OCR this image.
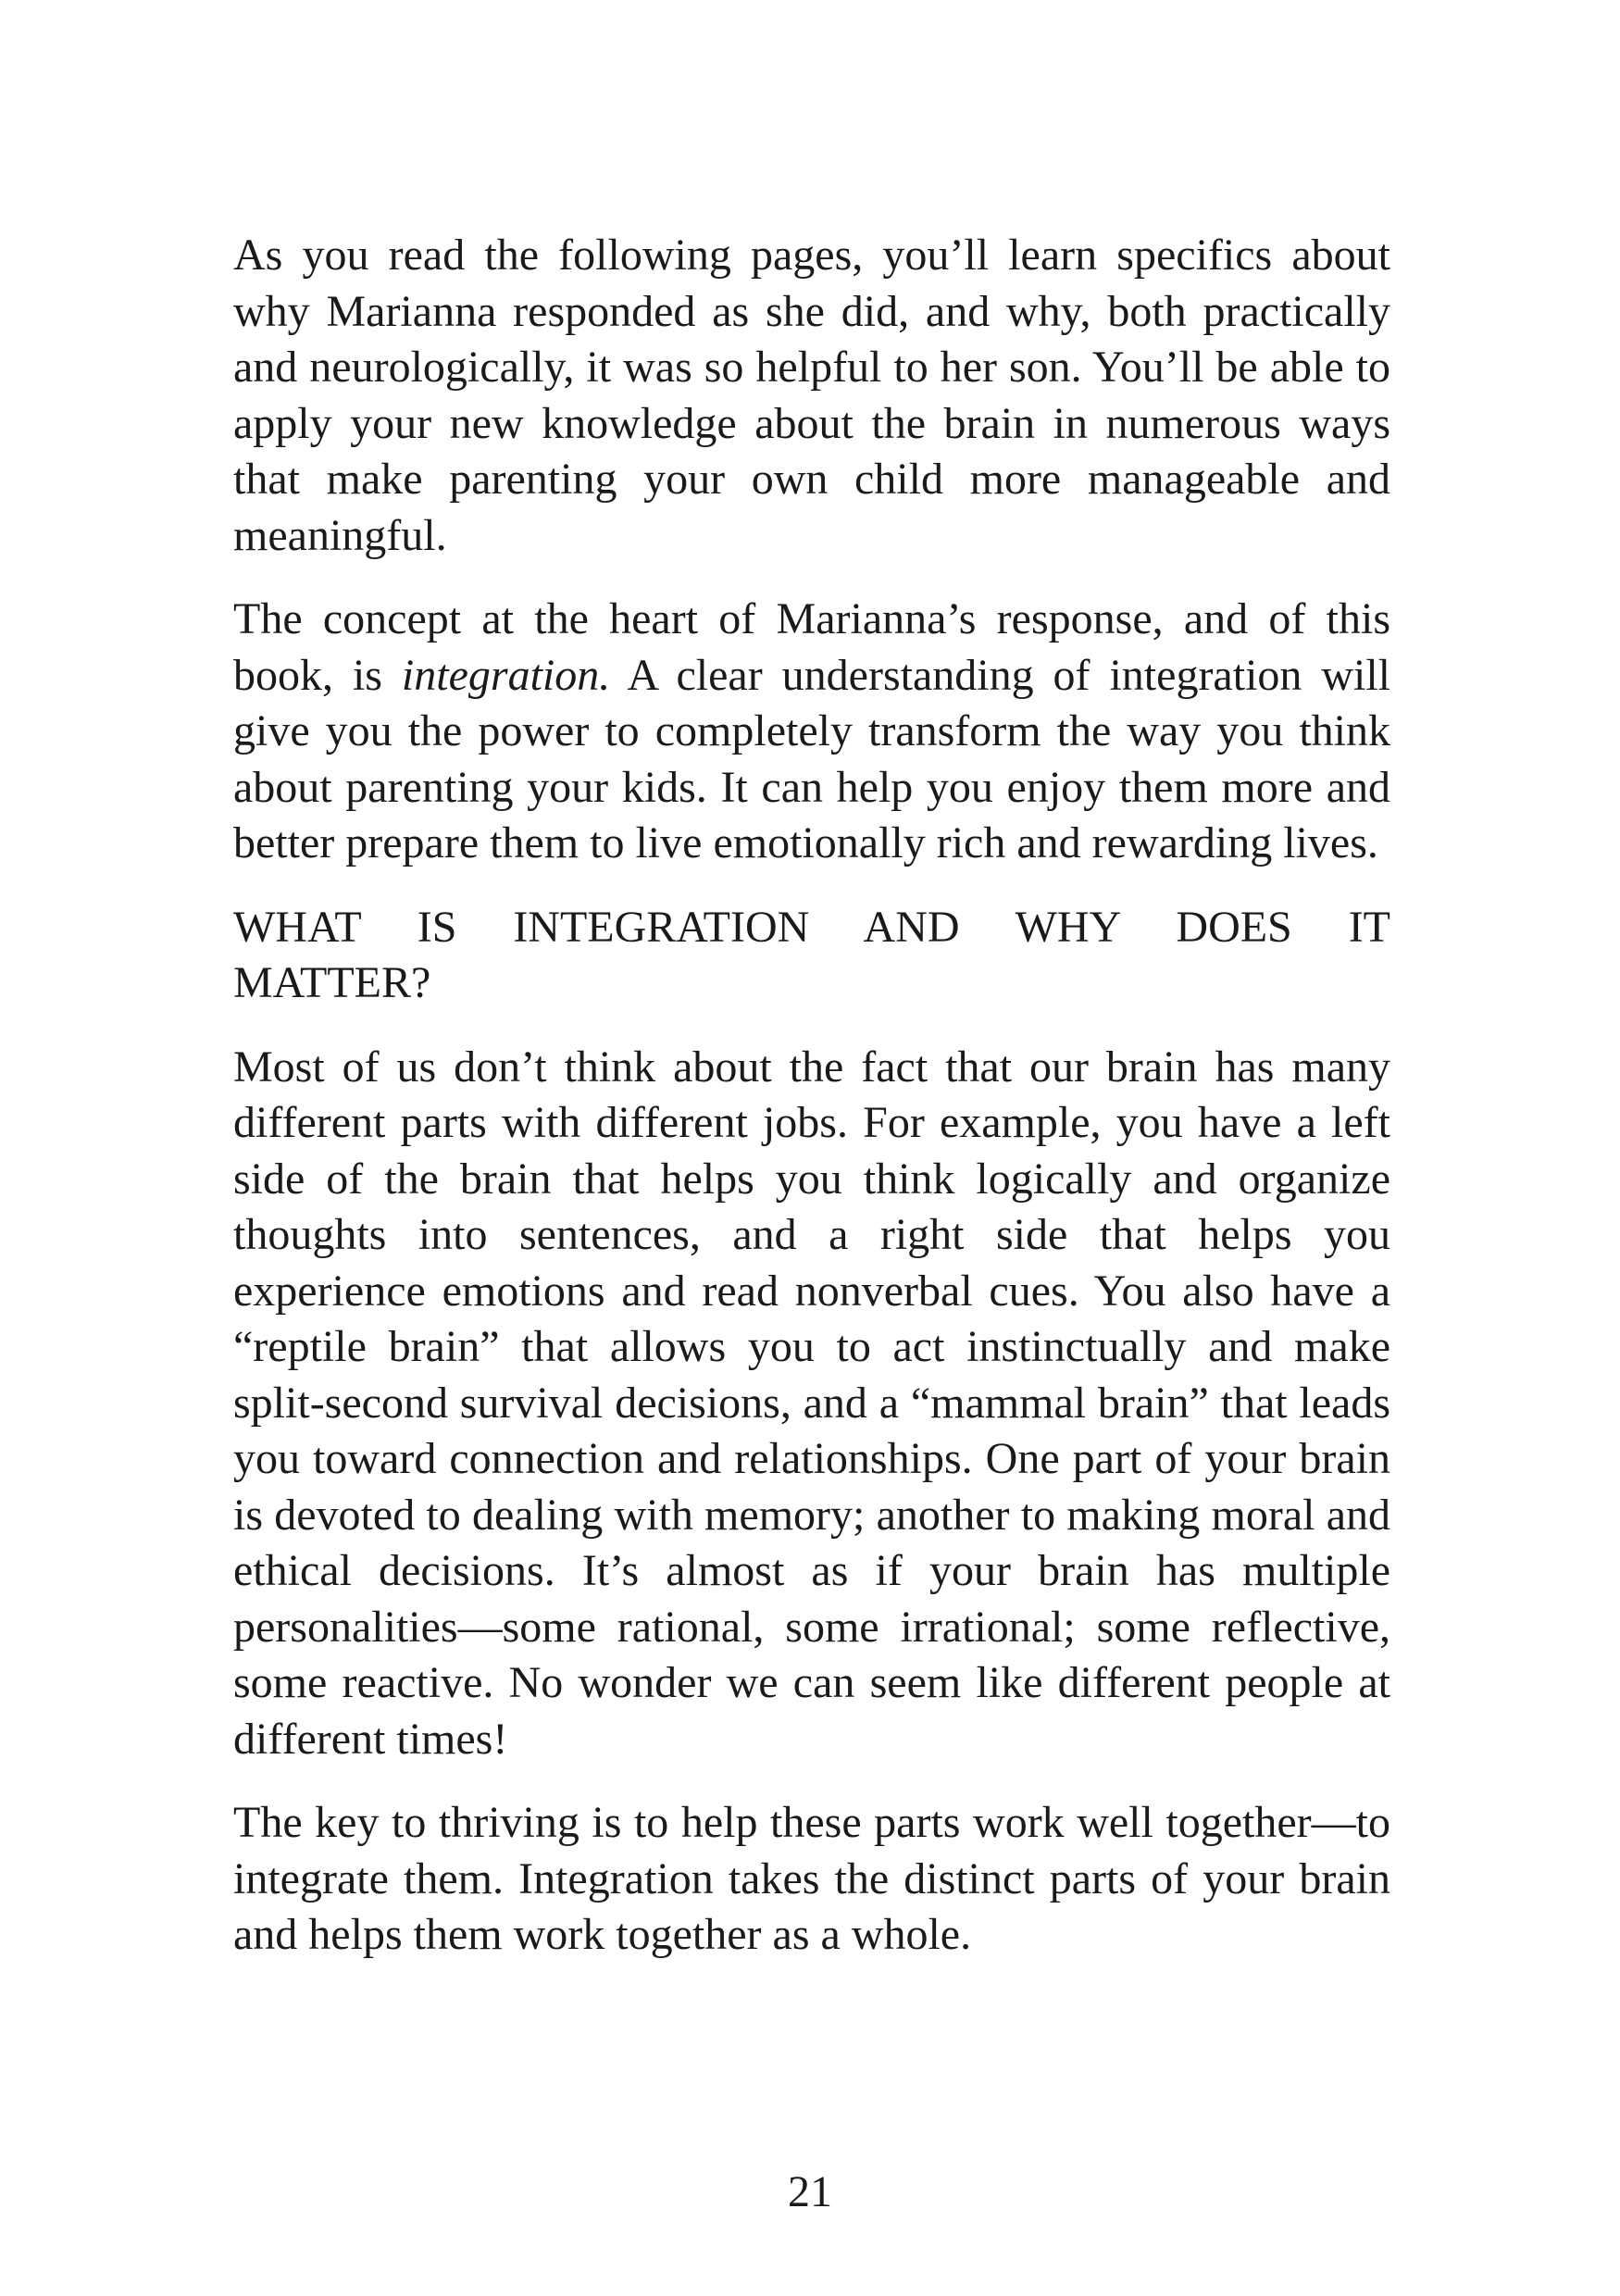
As you read the following pages, you’ll learn specifics about why Marianna responded as she did, and why, both practically and neurologically, it was so helpful to her son. You’ll be able to apply your new knowledge about the brain in numerous ways that make parenting your own child more manageable and meaningful.

The concept at the heart of Marianna’s response, and of this book, is integration. A clear understanding of integration will give you the power to completely transform the way you think about parenting your kids. It can help you enjoy them more and better prepare them to live emotionally rich and rewarding lives.

WHAT IS INTEGRATION AND WHY DOES IT
MATTER?

Most of us don’t think about the fact that our brain has many different parts with different jobs. For example, you have a left side of the brain that helps you think logically and organize thoughts into sentences, and a right side that helps you experience emotions and read nonverbal cues. You also have a “reptile brain” that allows you to act instinctually and make split-second survival decisions, and a “mammal brain” that leads you toward connection and relationships. One part of your brain is devoted to dealing with memory; another to making moral and ethical decisions. It’s almost as if your brain has multiple personalities—some rational, some irrational; some reflective, some reactive. No wonder we can seem like different people at different times!

The key to thriving is to help these parts work well together—to integrate them. Integration takes the distinct parts of your brain and helps them work together as a whole.

21
